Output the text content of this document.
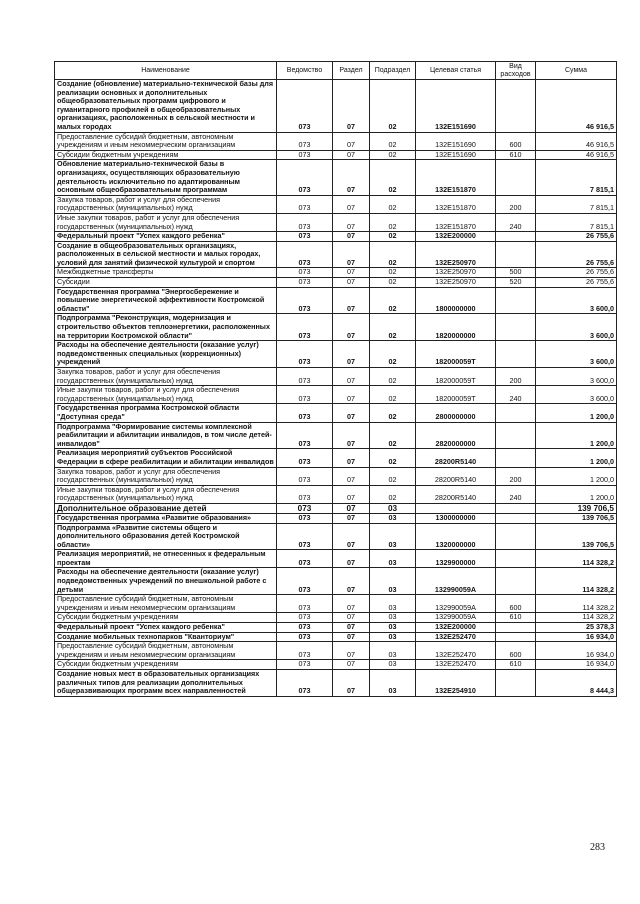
Наименование	Ведомство	Раздел	Подраздел	Целевая статья	Вид расходов	Сумма
Создание (обновление) материально-технической базы для реализации основных и дополнительных общеобразовательных программ цифрового и гуманитарного профилей в общеобразовательных организациях, расположенных в сельской местности и малых городах	073	07	02	132E151690		46 916,5
Предоставление субсидий бюджетным, автономным учреждениям и иным некоммерческим организациям	073	07	02	132E151690	600	46 916,5
Субсидии бюджетным учреждениям	073	07	02	132E151690	610	46 916,5
Обновление материально-технической базы в организациях, осуществляющих образовательную деятельность исключительно по адаптированным основным общеобразовательным программам	073	07	02	132E151870		7 815,1
Закупка товаров, работ и услуг для обеспечения государственных (муниципальных) нужд	073	07	02	132E151870	200	7 815,1
Иные закупки товаров, работ и услуг для обеспечения государственных (муниципальных) нужд	073	07	02	132E151870	240	7 815,1
Федеральный проект "Успех каждого ребенка"	073	07	02	132E200000		26 755,6
Создание в общеобразовательных организациях, расположенных в сельской местности и малых городах, условий для занятий физической культурой и спортом	073	07	02	132E250970		26 755,6
Межбюджетные трансферты	073	07	02	132E250970	500	26 755,6
Субсидии	073	07	02	132E250970	520	26 755,6
Государственная программа "Энергосбережение и повышение энергетической эффективности Костромской области"	073	07	02	1800000000		3 600,0
Подпрограмма "Реконструкция, модернизация и строительство объектов теплоэнергетики, расположенных на территории Костромской области"	073	07	02	1820000000		3 600,0
Расходы на обеспечение деятельности (оказание услуг) подведомственных специальных (коррекционных) учреждений	073	07	02	182000059Т		3 600,0
Закупка товаров, работ и услуг для обеспечения государственных (муниципальных) нужд	073	07	02	182000059Т	200	3 600,0
Иные закупки товаров, работ и услуг для обеспечения государственных (муниципальных) нужд	073	07	02	182000059Т	240	3 600,0
Государственная программа Костромской области "Доступная среда"	073	07	02	2800000000		1 200,0
Подпрограмма "Формирование системы комплексной реабилитации и абилитации инвалидов, в том числе детей-инвалидов"	073	07	02	2820000000		1 200,0
Реализация мероприятий субъектов Российской Федерации в сфере реабилитации и абилитации инвалидов	073	07	02	28200R5140		1 200,0
Закупка товаров, работ и услуг для обеспечения государственных (муниципальных) нужд	073	07	02	28200R5140	200	1 200,0
Иные закупки товаров, работ и услуг для обеспечения государственных (муниципальных) нужд	073	07	02	28200R5140	240	1 200,0
Дополнительное образование детей	073	07	03			139 706,5
Государственная программа «Развитие образования»	073	07	03	1300000000		139 706,5
Подпрограмма «Развитие системы общего и дополнительного образования детей Костромской области»	073	07	03	1320000000		139 706,5
Реализация мероприятий, не отнесенных к федеральным проектам	073	07	03	1329900000		114 328,2
Расходы на обеспечение деятельности (оказание услуг) подведомственных учреждений по внешкольной работе с детьми	073	07	03	132990059А		114 328,2
Предоставление субсидий бюджетным, автономным учреждениям и иным некоммерческим организациям	073	07	03	132990059А	600	114 328,2
Субсидии бюджетным учреждениям	073	07	03	132990059А	610	114 328,2
Федеральный проект "Успех каждого ребенка"	073	07	03	132E200000		25 378,3
Создание мобильных технопарков "Кванториум"	073	07	03	132E252470		16 934,0
Предоставление субсидий бюджетным, автономным учреждениям и иным некоммерческим организациям	073	07	03	132E252470	600	16 934,0
Субсидии бюджетным учреждениям	073	07	03	132E252470	610	16 934,0
Создание новых мест в образовательных организациях различных типов для реализации дополнительных общеразвивающих программ всех направленностей	073	07	03	132E254910		8 444,3
283
